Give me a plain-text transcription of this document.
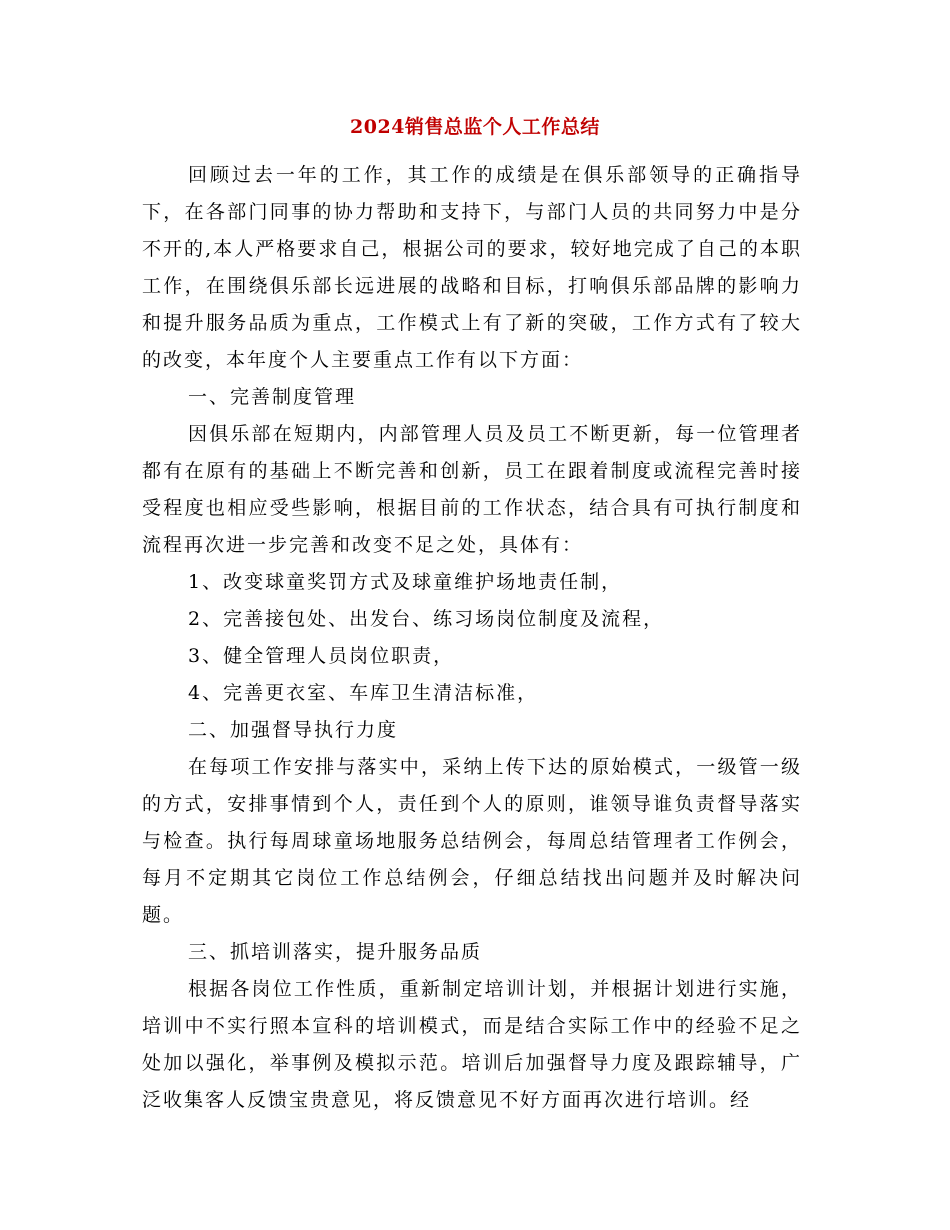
2024销售总监个人工作总结

回顾过去一年的工作，其工作的成绩是在俱乐部领导的正确指导下，在各部门同事的协力帮助和支持下，与部门人员的共同努力中是分不开的,本人严格要求自己，根据公司的要求，较好地完成了自己的本职工作，在围绕俱乐部长远进展的战略和目标，打响俱乐部品牌的影响力和提升服务品质为重点，工作模式上有了新的突破，工作方式有了较大的改变，本年度个人主要重点工作有以下方面：

一、完善制度管理

因俱乐部在短期内，内部管理人员及员工不断更新，每一位管理者都有在原有的基础上不断完善和创新，员工在跟着制度或流程完善时接受程度也相应受些影响，根据目前的工作状态，结合具有可执行制度和流程再次进一步完善和改变不足之处，具体有：

1、改变球童奖罚方式及球童维护场地责任制，

2、完善接包处、出发台、练习场岗位制度及流程，

3、健全管理人员岗位职责，

4、完善更衣室、车库卫生清洁标准，

二、加强督导执行力度

在每项工作安排与落实中，采纳上传下达的原始模式，一级管一级的方式，安排事情到个人，责任到个人的原则，谁领导谁负责督导落实与检查。执行每周球童场地服务总结例会，每周总结管理者工作例会，每月不定期其它岗位工作总结例会，仔细总结找出问题并及时解决问题。

三、抓培训落实，提升服务品质

根据各岗位工作性质，重新制定培训计划，并根据计划进行实施，培训中不实行照本宣科的培训模式，而是结合实际工作中的经验不足之处加以强化，举事例及模拟示范。培训后加强督导力度及跟踪辅导，广泛收集客人反馈宝贵意见，将反馈意见不好方面再次进行培训。经
